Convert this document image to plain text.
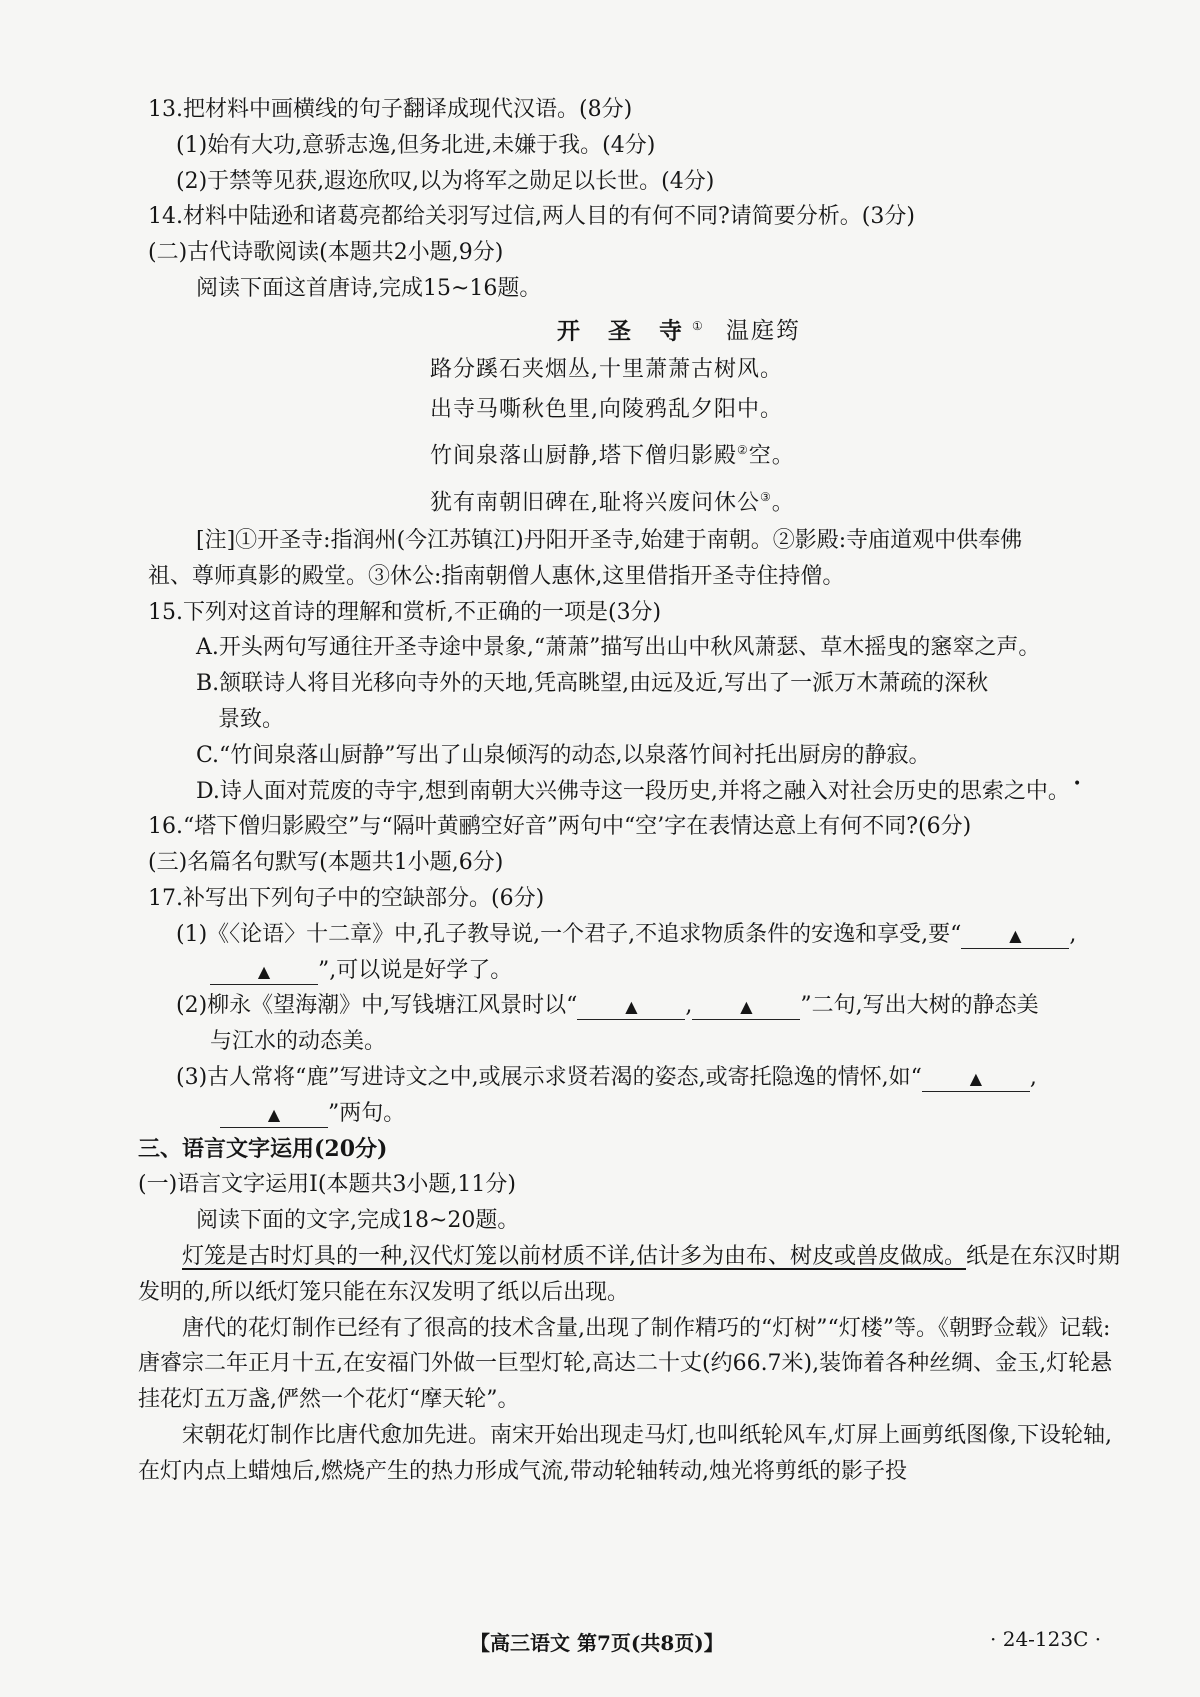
13.把材料中画横线的句子翻译成现代汉语。(8分)
(1)始有大功,意骄志逸,但务北进,未嫌于我。(4分)
(2)于禁等见获,遐迩欣叹,以为将军之勋足以长世。(4分)
14.材料中陆逊和诸葛亮都给关羽写过信,两人目的有何不同?请简要分析。(3分)
(二)古代诗歌阅读(本题共2小题,9分)
阅读下面这首唐诗,完成15~16题。
开 圣 寺① 温庭筠
路分蹊石夹烟丛,十里萧萧古树风。
出寺马嘶秋色里,向陵鸦乱夕阳中。
竹间泉落山厨静,塔下僧归影殿②空。
犹有南朝旧碑在,耻将兴废问休公③。
[注]①开圣寺:指润州(今江苏镇江)丹阳开圣寺,始建于南朝。②影殿:寺庙道观中供奉佛
祖、尊师真影的殿堂。③休公:指南朝僧人惠休,这里借指开圣寺住持僧。
15.下列对这首诗的理解和赏析,不正确的一项是(3分)
A.开头两句写通往开圣寺途中景象,“萧萧”描写出山中秋风萧瑟、草木摇曳的窸窣之声。
B.颔联诗人将目光移向寺外的天地,凭高眺望,由远及近,写出了一派万木萧疏的深秋
景致。
C.“竹间泉落山厨静”写出了山泉倾泻的动态,以泉落竹间衬托出厨房的静寂。
D.诗人面对荒废的寺宇,想到南朝大兴佛寺这一段历史,并将之融入对社会历史的思索之中。
16.“塔下僧归影殿空”与“隔叶黄鹂空好音”两句中“空’字在表情达意上有何不同?(6分)
(三)名篇名句默写(本题共1小题,6分)
17.补写出下列句子中的空缺部分。(6分)
(1)《〈论语〉十二章》中,孔子教导说,一个君子,不追求物质条件的安逸和享受,要“	▲ ,
▲ ”,可以说是好学了。
(2)柳永《望海潮》中,写钱塘江风景时以“	▲ ,	▲ ”二句,写出大树的静态美
与江水的动态美。
(3)古人常将“鹿”写进诗文之中,或展示求贤若渴的姿态,或寄托隐逸的情怀,如“	▲ ,
▲ ”两句。
三、语言文字运用(20分)
(一)语言文字运用Ⅰ(本题共3小题,11分)
阅读下面的文字,完成18~20题。
灯笼是古时灯具的一种,汉代灯笼以前材质不详,估计多为由布、树皮或兽皮做成。纸是在东汉时期发明的,所以纸灯笼只能在东汉发明了纸以后出现。
唐代的花灯制作已经有了很高的技术含量,出现了制作精巧的“灯树”“灯楼”等。《朝野佥载》记载:唐睿宗二年正月十五,在安福门外做一巨型灯轮,高达二十丈(约66.7米),装饰着各种丝绸、金玉,灯轮悬挂花灯五万盏,俨然一个花灯“摩天轮”。
宋朝花灯制作比唐代愈加先进。南宋开始出现走马灯,也叫纸轮风车,灯屏上画剪纸图像,下设轮轴,在灯内点上蜡烛后,燃烧产生的热力形成气流,带动轮轴转动,烛光将剪纸的影子投
•
【高三语文 第7页(共8页)】	· 24-123C ·
